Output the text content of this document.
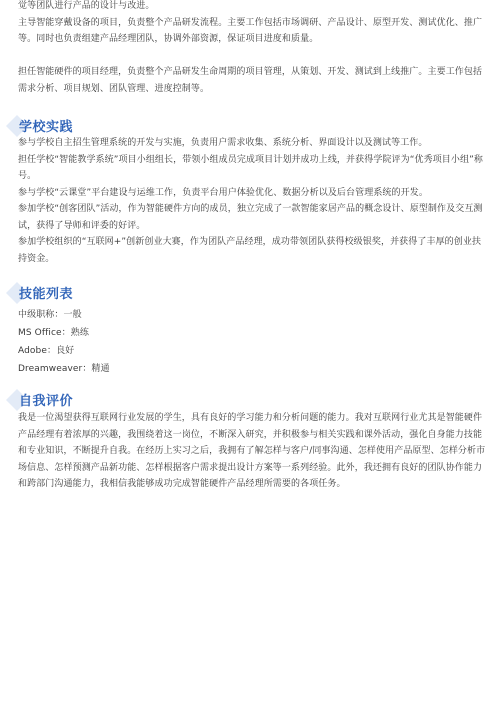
觉等团队进行产品的设计与改进。

主导智能穿戴设备的项目，负责整个产品研发流程。主要工作包括市场调研、产品设计、原型开发、测试优化、推广等。同时也负责组建产品经理团队，协调外部资源，保证项目进度和质量。

担任智能硬件的项目经理，负责整个产品研发生命周期的项目管理，从策划、开发、测试到上线推广。主要工作包括需求分析、项目规划、团队管理、进度控制等。

学校实践

参与学校自主招生管理系统的开发与实施，负责用户需求收集、系统分析、界面设计以及测试等工作。

担任学校“智能教学系统”项目小组组长，带领小组成员完成项目计划并成功上线，并获得学院评为“优秀项目小组”称号。

参与学校“云课堂”平台建设与运维工作，负责平台用户体验优化、数据分析以及后台管理系统的开发。

参加学校“创客团队”活动，作为智能硬件方向的成员，独立完成了一款智能家居产品的概念设计、原型制作及交互测试，获得了导师和评委的好评。

参加学校组织的“互联网+”创新创业大赛，作为团队产品经理，成功带领团队获得校级银奖，并获得了丰厚的创业扶持资金。

技能列表

中级职称：一般

MS Office：熟练

Adobe：良好

Dreamweaver：精通

自我评价

我是一位渴望获得互联网行业发展的学生，具有良好的学习能力和分析问题的能力。我对互联网行业尤其是智能硬件产品经理有着浓厚的兴趣，我围绕着这一岗位，不断深入研究，并积极参与相关实践和课外活动，强化自身能力技能和专业知识，不断提升自我。在经历上实习之后，我拥有了解怎样与客户/同事沟通、怎样使用产品原型、怎样分析市场信息、怎样预测产品新功能、怎样根据客户需求提出设计方案等一系列经验。此外，我还拥有良好的团队协作能力和跨部门沟通能力，我相信我能够成功完成智能硬件产品经理所需要的各项任务。
